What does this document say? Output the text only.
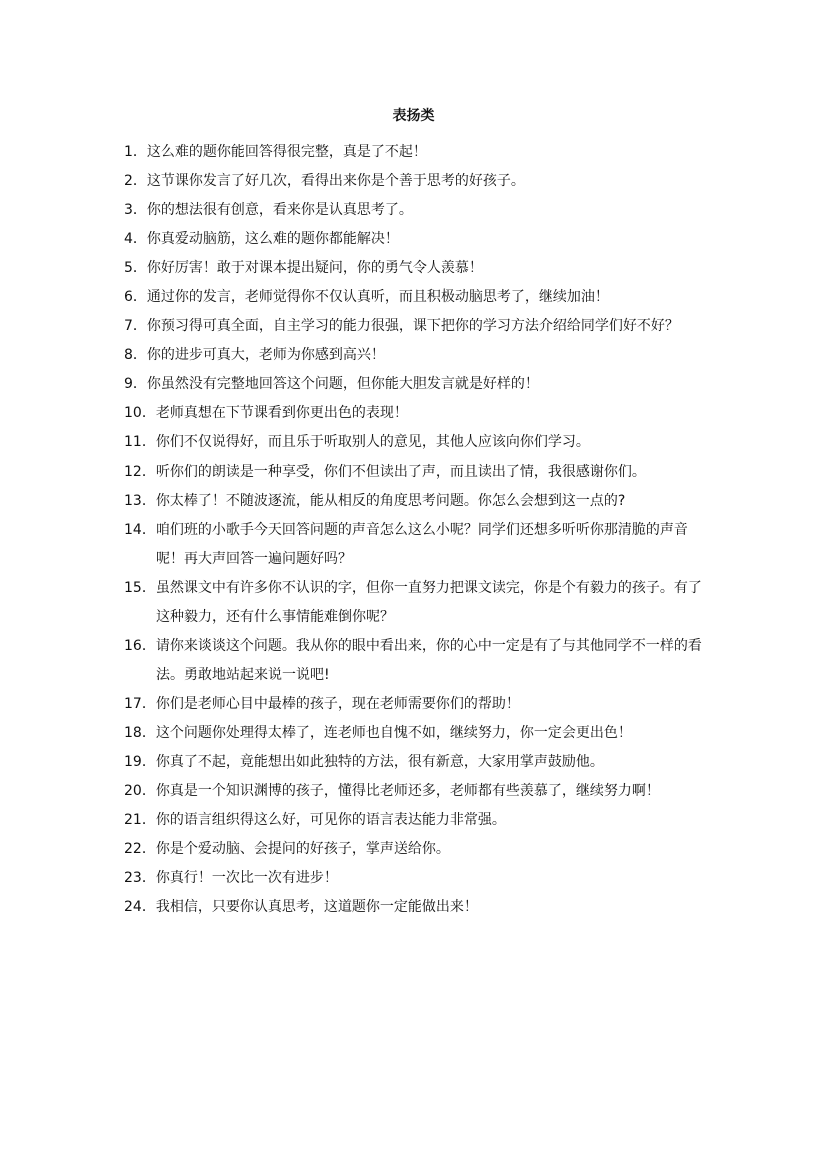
表扬类

1．这么难的题你能回答得很完整，真是了不起！

2．这节课你发言了好几次，看得出来你是个善于思考的好孩子。

3．你的想法很有创意，看来你是认真思考了。

4．你真爱动脑筋，这么难的题你都能解决！

5．你好厉害！敢于对课本提出疑问，你的勇气令人羡慕！

6．通过你的发言，老师觉得你不仅认真听，而且积极动脑思考了，继续加油！

7．你预习得可真全面，自主学习的能力很强，课下把你的学习方法介绍给同学们好不好？

8．你的进步可真大，老师为你感到高兴！

9．你虽然没有完整地回答这个问题，但你能大胆发言就是好样的！

10．老师真想在下节课看到你更出色的表现！

11．你们不仅说得好，而且乐于听取别人的意见，其他人应该向你们学习。

12．听你们的朗读是一种享受，你们不但读出了声，而且读出了情，我很感谢你们。

13．你太棒了！不随波逐流，能从相反的角度思考问题。你怎么会想到这一点的?

14．咱们班的小歌手今天回答问题的声音怎么这么小呢？同学们还想多听听你那清脆的声音呢！再大声回答一遍问题好吗？

15．虽然课文中有许多你不认识的字，但你一直努力把课文读完，你是个有毅力的孩子。有了这种毅力，还有什么事情能难倒你呢？

16．请你来谈谈这个问题。我从你的眼中看出来，你的心中一定是有了与其他同学不一样的看法。勇敢地站起来说一说吧!

17．你们是老师心目中最棒的孩子，现在老师需要你们的帮助！

18．这个问题你处理得太棒了，连老师也自愧不如，继续努力，你一定会更出色！

19．你真了不起，竟能想出如此独特的方法，很有新意，大家用掌声鼓励他。

20．你真是一个知识渊博的孩子，懂得比老师还多，老师都有些羡慕了，继续努力啊！

21．你的语言组织得这么好，可见你的语言表达能力非常强。

22．你是个爱动脑、会提问的好孩子，掌声送给你。

23．你真行！一次比一次有进步！

24．我相信，只要你认真思考，这道题你一定能做出来！
